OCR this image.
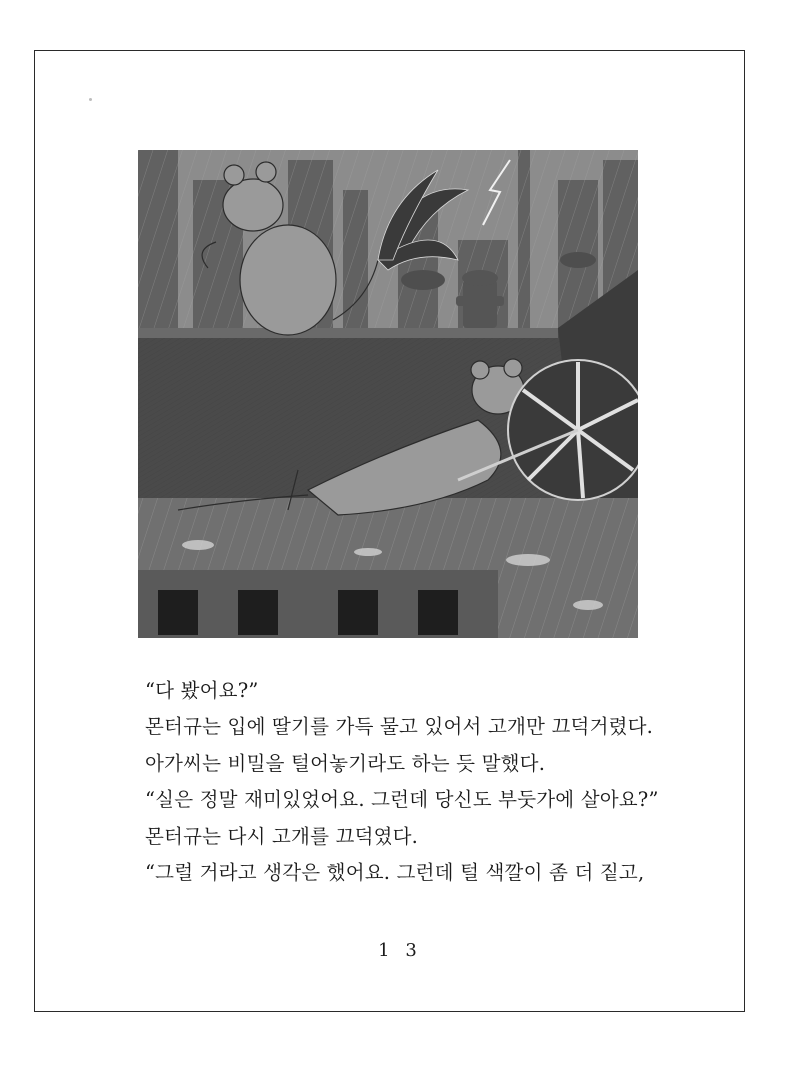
“다 봤어요?”
몬터규는 입에 딸기를 가득 물고 있어서 고개만 끄덕거렸다.
아가씨는 비밀을 털어놓기라도 하는 듯 말했다.
“실은 정말 재미있었어요. 그런데 당신도 부둣가에 살아요?”
몬터규는 다시 고개를 끄덕였다.
“그럴 거라고 생각은 했어요. 그런데 털 색깔이 좀 더 짙고,
1 3
